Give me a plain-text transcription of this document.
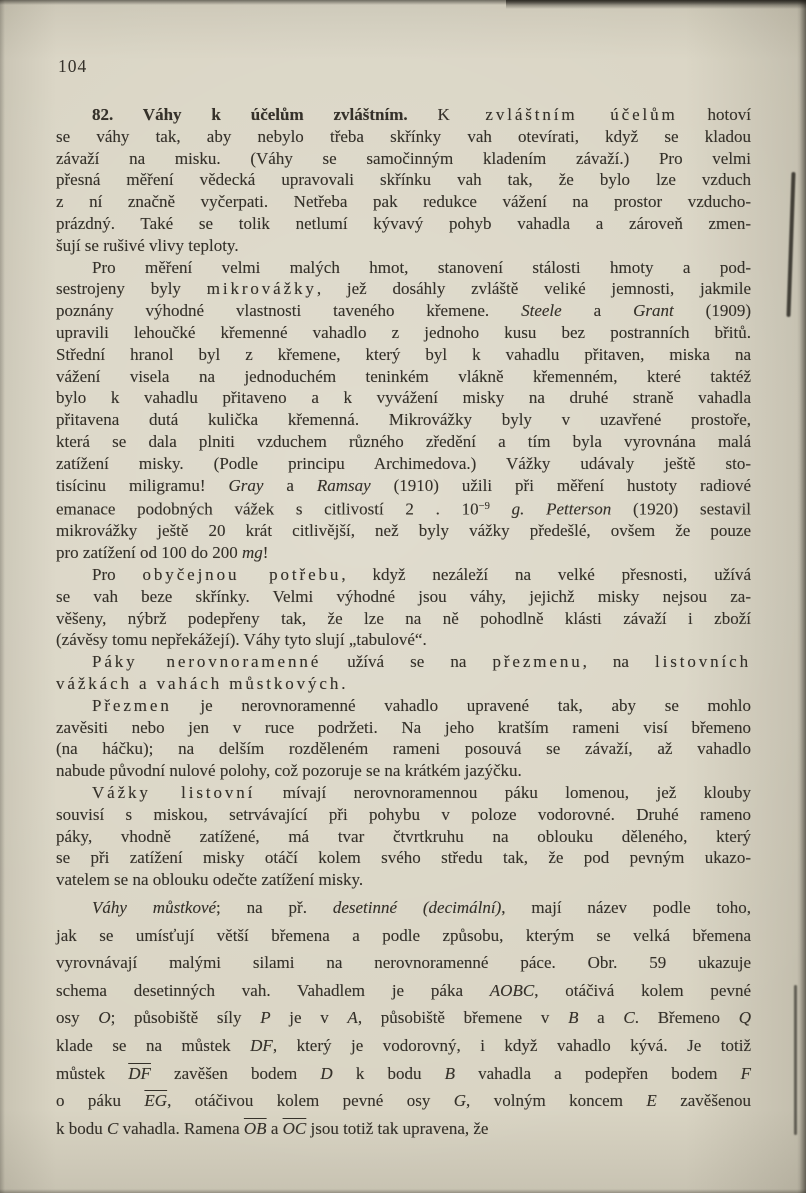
104
82. Váhy k účelům zvláštním. K zvláštním účelům hotoví
se váhy tak, aby nebylo třeba skřínky vah otevírati, když se kladou
závaží na misku. (Váhy se samočinným kladením závaží.) Pro velmi
přesná měření vědecká upravovali skřínku vah tak, že bylo lze vzduch
z ní značně vyčerpati. Netřeba pak redukce vážení na prostor vzducho-
prázdný. Také se tolik netlumí kývavý pohyb vahadla a zároveň zmen-
šují se rušivé vlivy teploty.
Pro měření velmi malých hmot, stanovení stálosti hmoty a pod-
sestrojeny byly mikrovážky, jež dosáhly zvláště veliké jemnosti, jakmile
poznány výhodné vlastnosti taveného křemene. Steele a Grant (1909)
upravili lehoučké křemenné vahadlo z jednoho kusu bez postranních břitů.
Střední hranol byl z křemene, který byl k vahadlu přitaven, miska na
vážení visela na jednoduchém teninkém vlákně křemenném, které taktéž
bylo k vahadlu přitaveno a k vyvážení misky na druhé straně vahadla
přitavena dutá kulička křemenná. Mikrovážky byly v uzavřené prostoře,
která se dala plniti vzduchem různého zředění a tím byla vyrovnána malá
zatížení misky. (Podle principu Archimedova.) Vážky udávaly ještě sto-
tisícinu miligramu! Gray a Ramsay (1910) užili při měření hustoty radiové
emanace podobných vážek s citlivostí 2 . $10^{-9}$ g. Petterson (1920) sestavil
mikrovážky ještě 20 krát citlivější, než byly vážky předešlé, ovšem že pouze
pro zatížení od 100 do 200 mg!
Pro obyčejnou potřebu, když nezáleží na velké přesnosti, užívá
se vah beze skřínky. Velmi výhodné jsou váhy, jejichž misky nejsou za-
věšeny, nýbrž podepřeny tak, že lze na ně pohodlně klásti závaží i zboží
(závěsy tomu nepřekážejí). Váhy tyto slují „tabulové“.
Páky nerovnoramenné užívá se na přezmenu, na listovních
vážkách a vahách můstkových.
Přezmen je nerovnoramenné vahadlo upravené tak, aby se mohlo
zavěsiti nebo jen v ruce podržeti. Na jeho kratším rameni visí břemeno
(na háčku); na delším rozděleném rameni posouvá se závaží, až vahadlo
nabude původní nulové polohy, což pozoruje se na krátkém jazýčku.
Vážky listovní mívají nerovnoramennou páku lomenou, jež klouby
souvisí s miskou, setrvávající při pohybu v poloze vodorovné. Druhé rameno
páky, vhodně zatížené, má tvar čtvrtkruhu na oblouku děleného, který
se při zatížení misky otáčí kolem svého středu tak, že pod pevným ukazo-
vatelem se na oblouku odečte zatížení misky.
Váhy můstkové; na př. desetinné (decimální), mají název podle toho,
jak se umísťují větší břemena a podle způsobu, kterým se velká břemena
vyrovnávají malými silami na nerovnoramenné páce. Obr. 59 ukazuje
schema desetinných vah. Vahadlem je páka AOBC, otáčivá kolem pevné
osy O; působiště síly P je v A, působiště břemene v B a C. Břemeno Q
klade se na můstek DF, který je vodorovný, i když vahadlo kývá. Je totiž
můstek $\overline{DF}$ zavěšen bodem D k bodu B vahadla a podepřen bodem F
o páku $\overline{EG}$, otáčivou kolem pevné osy G, volným koncem E zavěšenou
k bodu C vahadla. Ramena $\overline{OB}$ a $\overline{OC}$ jsou totiž tak upravena, že
